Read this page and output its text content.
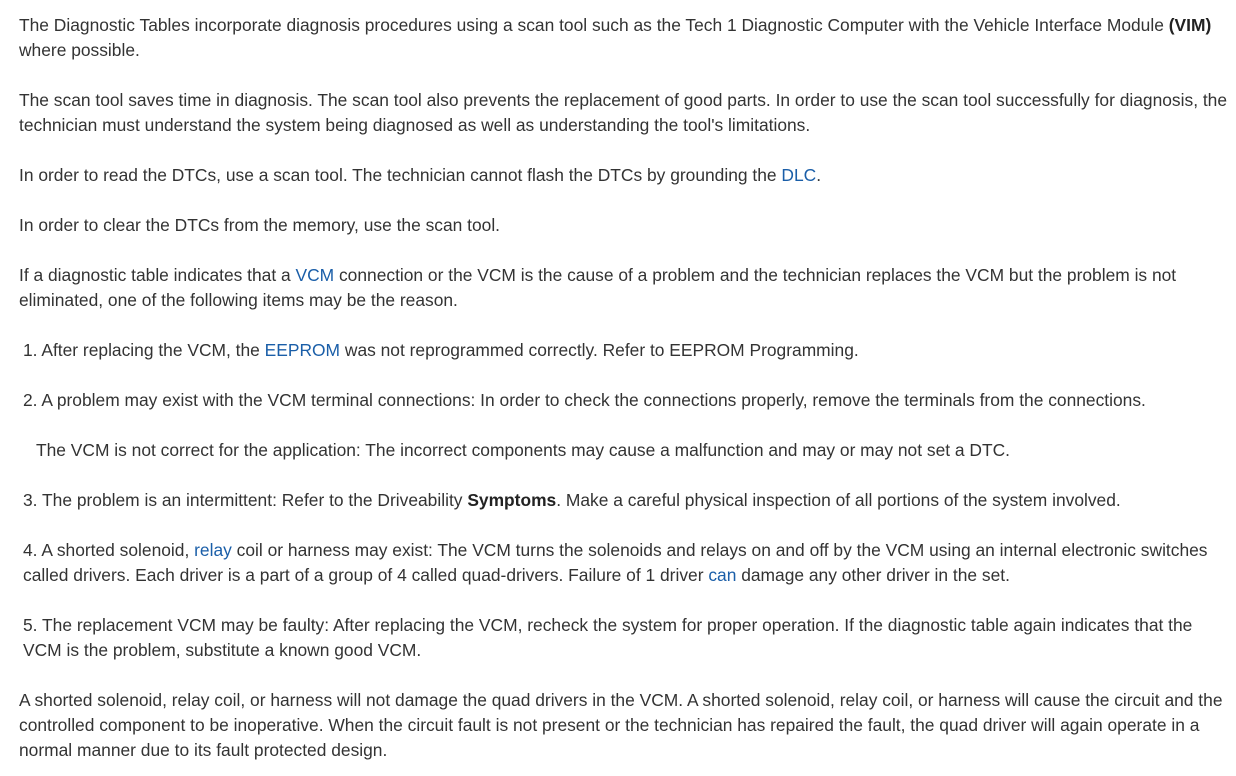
The Diagnostic Tables incorporate diagnosis procedures using a scan tool such as the Tech 1 Diagnostic Computer with the Vehicle Interface Module (VIM) where possible.

The scan tool saves time in diagnosis. The scan tool also prevents the replacement of good parts. In order to use the scan tool successfully for diagnosis, the technician must understand the system being diagnosed as well as understanding the tool's limitations.

In order to read the DTCs, use a scan tool. The technician cannot flash the DTCs by grounding the DLC.

In order to clear the DTCs from the memory, use the scan tool.

If a diagnostic table indicates that a VCM connection or the VCM is the cause of a problem and the technician replaces the VCM but the problem is not eliminated, one of the following items may be the reason.

1. After replacing the VCM, the EEPROM was not reprogrammed correctly. Refer to EEPROM Programming.

2. A problem may exist with the VCM terminal connections: In order to check the connections properly, remove the terminals from the connections.

The VCM is not correct for the application: The incorrect components may cause a malfunction and may or may not set a DTC.

3. The problem is an intermittent: Refer to the Driveability Symptoms. Make a careful physical inspection of all portions of the system involved.

4. A shorted solenoid, relay coil or harness may exist: The VCM turns the solenoids and relays on and off by the VCM using an internal electronic switches called drivers. Each driver is a part of a group of 4 called quad-drivers. Failure of 1 driver can damage any other driver in the set.

5. The replacement VCM may be faulty: After replacing the VCM, recheck the system for proper operation. If the diagnostic table again indicates that the VCM is the problem, substitute a known good VCM.

A shorted solenoid, relay coil, or harness will not damage the quad drivers in the VCM. A shorted solenoid, relay coil, or harness will cause the circuit and the controlled component to be inoperative. When the circuit fault is not present or the technician has repaired the fault, the quad driver will again operate in a normal manner due to its fault protected design.
